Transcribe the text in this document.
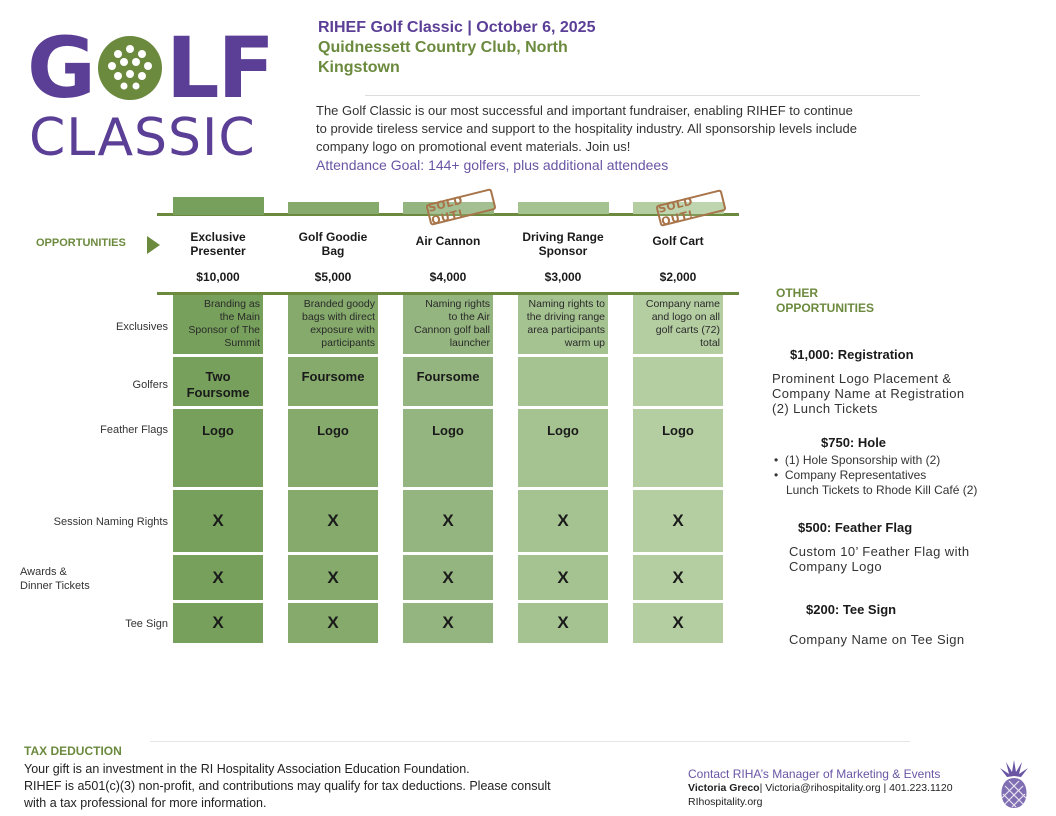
G LF
CLASSIC
RIHEF Golf Classic | October 6, 2025
Quidnessett Country Club, North
Kingstown
The Golf Classic is our most successful and important fundraiser, enabling RIHEF to continue
to provide tireless service and support to the hospitality industry. All sponsorship levels include
company logo on promotional event materials. Join us!
Attendance Goal: 144+ golfers, plus additional attendees
OPPORTUNITIES
Exclusives
Golfers
Feather Flags
Session Naming Rights
Awards &
Dinner Tickets
Tee Sign
Exclusive
Presenter
$10,000
Branding as
the Main
Sponsor of The
Summit
Two
Foursome
Logo
X
X
X
Golf Goodie
Bag
$5,000
Branded goody
bags with direct
exposure with
participants
Foursome
Logo
X
X
X
Air Cannon
$4,000
Naming rights
to the Air
Cannon golf ball
launcher
Foursome
Logo
X
X
X
SOLD OUT!
Driving Range
Sponsor
$3,000
Naming rights to
the driving range
area participants
warm up
Logo
X
X
X
Golf Cart
$2,000
Company name
and logo on all
golf carts (72)
total
Logo
X
X
X
SOLD OUT!
OTHER
OPPORTUNITIES
$1,000: Registration
Prominent Logo Placement &
Company Name at Registration
(2) Lunch Tickets
$750: Hole
•  (1) Hole Sponsorship with (2)
•  Company Representatives
Lunch Tickets to Rhode Kill Café (2)
$500: Feather Flag
Custom 10’ Feather Flag with
Company Logo
$200: Tee Sign
Company Name on Tee Sign
TAX DEDUCTION
Your gift is an investment in the RI Hospitality Association Education Foundation.
RIHEF is a501(c)(3) non-profit, and contributions may qualify for tax deductions. Please consult
with a tax professional for more information.
Contact RIHA’s Manager of Marketing & Events
Victoria Greco| Victoria@rihospitality.org | 401.223.1120
RIhospitality.org
